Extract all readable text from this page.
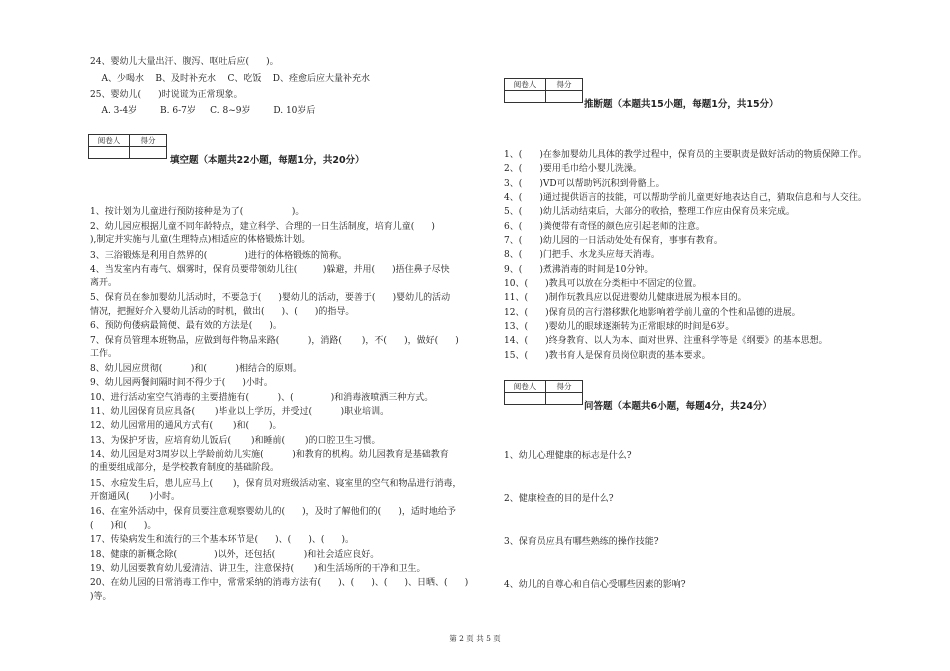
24、婴幼儿大量出汗、腹泻、呕吐后应(      )。
A、少喝水    B、及时补充水    C、吃饭    D、痊愈后应大量补充水
25、婴幼儿(      )时说谎为正常现象。
A. 3-4岁        B. 6-7岁     C. 8~9岁        D. 10岁后
阅卷人	得分

填空题（本题共22小题，每题1分，共20分）
1、按计划为儿童进行预防接种是为了(                 )。
2、幼儿园应根据儿童不同年龄特点，建立科学、合理的一日生活制度，培育儿童(      )
),制定并实施与儿童(生理特点)相适应的体格锻炼计划。
3、三浴锻炼是利用自然界的(             )进行的体格锻炼的简称。
4、当发室内有毒气、烟雾时，保育员要带领幼儿往(         )躲避，并用(      )捂住鼻子尽快
离开。
5、保育员在参加婴幼儿活动时，不要急于(      )婴幼儿的活动，要善于(      )婴幼儿的活动
情况，把握好介入婴幼儿活动的时机，做出(      )、(      )的指导。
6、预防佝偻病最简便、最有效的方法是(      )。
7、保育员管理本班物品，应做到每件物品来路(          )，消路(       )，不(      )，做好(      )
工作。
8、幼儿园应贯彻(          )和(          )相结合的原则。
9、幼儿园两餐间隔时间不得少于(      )小时。
10、进行活动室空气消毒的主要措施有(          )、(             )和消毒液喷洒三种方式。
11、幼儿园保育员应具备(       )毕业以上学历，并受过(          )职业培训。
12、幼儿园常用的通风方式有(       )和(       )。
13、为保护牙齿，应培育幼儿饭后(       )和睡前(       )的口腔卫生习惯。
14、幼儿园是对3周岁以上学龄前幼儿实施(          )和教育的机构。幼儿园教育是基础教育
的重要组成部分，是学校教育制度的基础阶段。
15、水痘发生后，患儿应马上(       )，保育员对班级活动室、寝室里的空气和物品进行消毒，
开窗通风(       )小时。
16、在室外活动中，保育员要注意观察婴幼儿的(      )，及时了解他们的(      )，适时地给予
(      )和(      )。
17、传染病发生和流行的三个基本环节是(      )、(      )、(      )。
18、健康的新概念除(             )以外，还包括(          )和社会适应良好。
19、幼儿园要教育幼儿爱清洁、讲卫生，注意保持(       )和生活场所的干净和卫生。
20、在幼儿园的日常消毒工作中，常常采纳的消毒方法有(      )、(      )、(      )、日晒、(      )
)等。
阅卷人	得分

推断题（本题共15小题，每题1分，共15分）
1、(      )在参加婴幼儿具体的教学过程中，保育员的主要职责是做好活动的物质保障工作。
2、(      )要用毛巾给小婴儿洗澡。
3、(      )VD可以帮助钙沉积到骨骼上。
4、(      )通过提供语言的技能，可以帮助学前儿童更好地表达自己，猜取信息和与人交往。
5、(      )幼儿活动结束后，大部分的收拾，整理工作应由保育员来完成。
6、(      )粪便带有奇怪的颜色应引起老师的注意。
7、(      )幼儿园的一日活动处处有保育，事事有教育。
8、(      )门把手、水龙头应每天消毒。
9、(      )煮沸消毒的时间是10分钟。
10、(      )教具可以放在分类柜中不固定的位置。
11、(      )制作玩教具应以促进婴幼儿健康进展为根本目的。
12、(      )保育员的言行潜移默化地影响着学前儿童的个性和品德的进展。
13、(      )婴幼儿的眼球逐渐转为正常眼球的时间是6岁。
14、(      )终身教育、以人为本、面对世界、注重科学等是《纲要》的基本思想。
15、(      )教书育人是保育员岗位职责的基本要求。
阅卷人	得分

问答题（本题共6小题，每题4分，共24分）
1、幼儿心理健康的标志是什么?
2、健康检查的目的是什么?
3、保育员应具有哪些熟练的操作技能?
4、幼儿的自尊心和自信心受哪些因素的影响?
第 2 页 共 5 页
